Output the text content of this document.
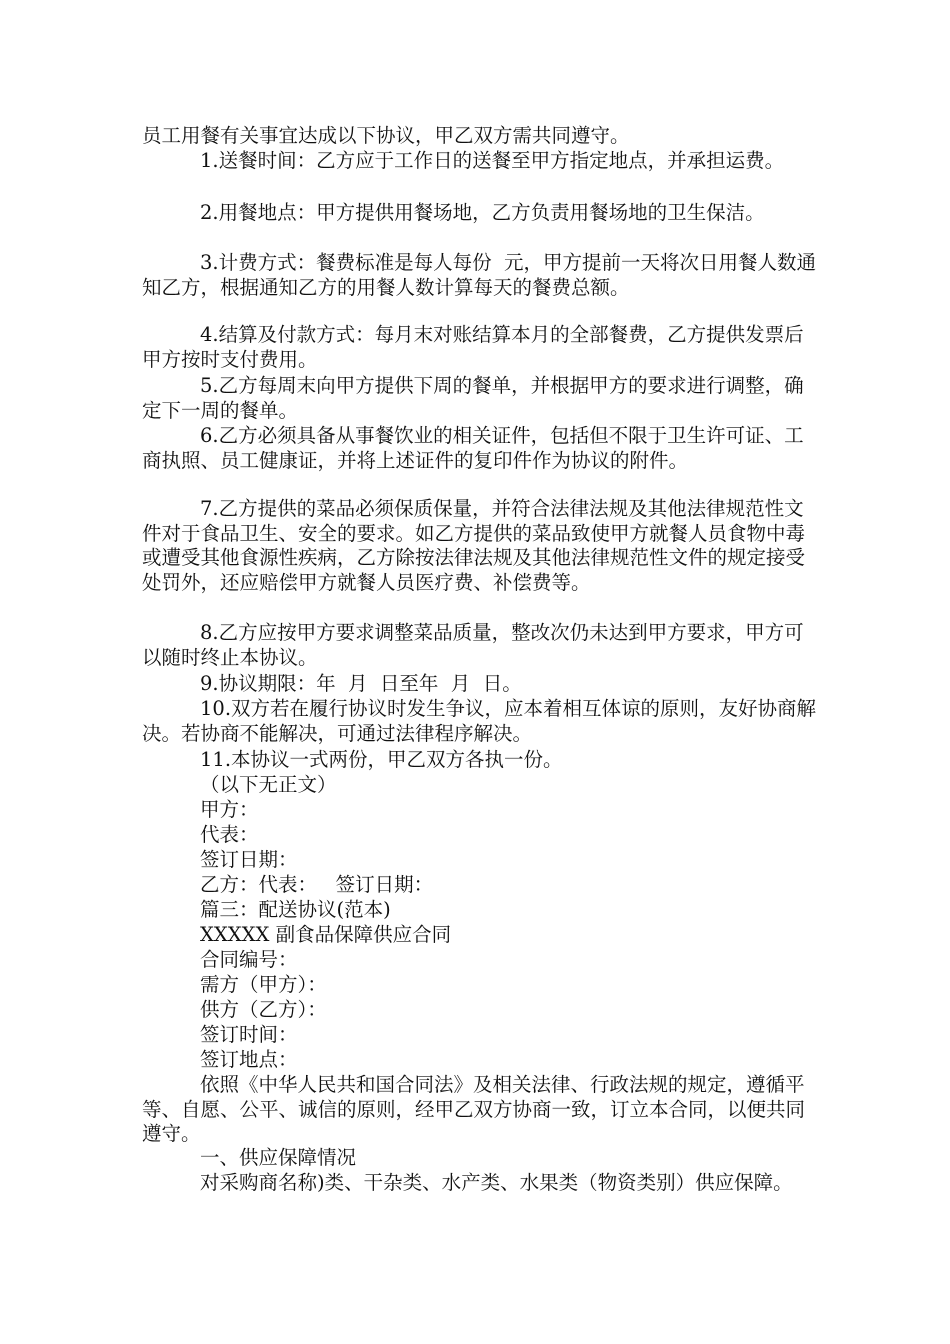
员工用餐有关事宜达成以下协议，甲乙双方需共同遵守。

1.送餐时间：乙方应于工作日的送餐至甲方指定地点，并承担运费。

2.用餐地点：甲方提供用餐场地，乙方负责用餐场地的卫生保洁。

3.计费方式：餐费标准是每人每份  元，甲方提前一天将次日用餐人数通知乙方，根据通知乙方的用餐人数计算每天的餐费总额。

4.结算及付款方式：每月末对账结算本月的全部餐费，乙方提供发票后甲方按时支付费用。

5.乙方每周末向甲方提供下周的餐单，并根据甲方的要求进行调整，确定下一周的餐单。

6.乙方必须具备从事餐饮业的相关证件，包括但不限于卫生许可证、工商执照、员工健康证，并将上述证件的复印件作为协议的附件。

7.乙方提供的菜品必须保质保量，并符合法律法规及其他法律规范性文件对于食品卫生、安全的要求。如乙方提供的菜品致使甲方就餐人员食物中毒或遭受其他食源性疾病，乙方除按法律法规及其他法律规范性文件的规定接受处罚外，还应赔偿甲方就餐人员医疗费、补偿费等。

8.乙方应按甲方要求调整菜品质量，整改次仍未达到甲方要求，甲方可以随时终止本协议。

9.协议期限：年  月  日至年  月  日。

10.双方若在履行协议时发生争议，应本着相互体谅的原则，友好协商解决。若协商不能解决，可通过法律程序解决。

11.本协议一式两份，甲乙双方各执一份。

（以下无正文）

甲方：

代表：

签订日期：

乙方：代表：   签订日期：

篇三：配送协议(范本)

XXXXX 副食品保障供应合同

合同编号：

需方（甲方）：

供方（乙方）：

签订时间：

签订地点：

依照《中华人民共和国合同法》及相关法律、行政法规的规定，遵循平等、自愿、公平、诚信的原则，经甲乙双方协商一致，订立本合同，以便共同遵守。

一、供应保障情况

对采购商名称)类、干杂类、水产类、水果类（物资类别）供应保障。
